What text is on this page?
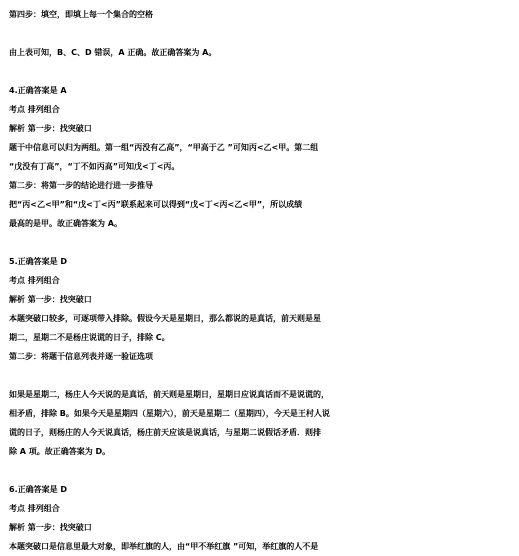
第四步：填空，即填上每一个集合的空格
由上表可知，B、C、D 错误，A 正确。故正确答案为 A。
4.正确答案是 A
考点 排列组合
解析 第一步：找突破口
题干中信息可以归为两组。第一组“丙没有乙高”，“甲高于乙 ”可知丙<乙<甲。第二组
“戊没有丁高”，“丁不如丙高”可知戊<丁<丙。
第二步：将第一步的结论进行进一步推导
把“丙<乙<甲”和“戊<丁<丙”联系起来可以得到“戊<丁<丙<乙<甲”，所以成绩
最高的是甲。故正确答案为 A。
5.正确答案是 D
考点 排列组合
解析 第一步：找突破口
本题突破口较多，可逐项带入排除。假设今天是星期日，那么都说的是真话，前天则是星
期二，星期二不是杨庄说谎的日子，排除 C。
第二步：将题干信息列表并逐一验证选项
如果是星期二，杨庄人今天说的是真话，前天则是星期日，星期日应说真话而不是说谎的，
相矛盾，排除 B。如果今天是星期四（星期六），前天是星期二（星期四），今天是王村人说
谎的日子，则杨庄的人今天说真话，杨庄前天应该是说真话，与星期二说假话矛盾．则排
除 A 项。故正确答案为 D。
6.正确答案是 D
考点 排列组合
解析 第一步：找突破口
本题突破口是信息里最大对象，即举红旗的人，由“甲不举红旗 ”可知，举红旗的人不是
